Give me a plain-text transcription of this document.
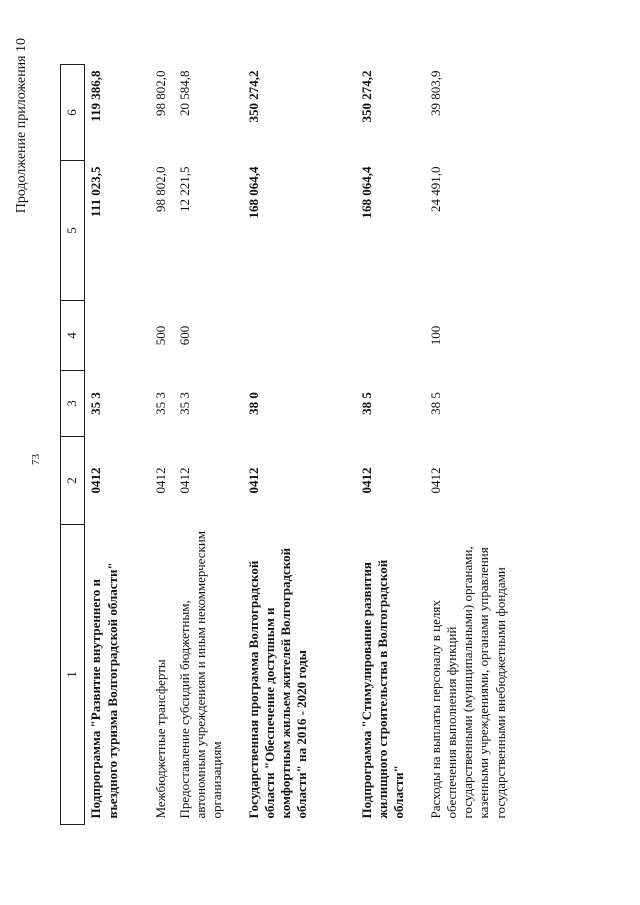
73
Продолжение приложения 10
1	2	3	4	5	6
Подпрограмма "Развитие внутреннего и въездного туризма Волгоградской области"	0412	35 3		111 023,5	119 386,8
Межбюджетные трансферты	0412	35 3	500	98 802,0	98 802,0
Предоставление субсидий бюджетным, автономным учреждениям и иным некоммерческим организациям	0412	35 3	600	12 221,5	20 584,8
Государственная программа Волгоградской области "Обеспечение доступным и комфортным жильем жителей Волгоградской области" на 2016 - 2020 годы	0412	38 0		168 064,4	350 274,2
Подпрограмма "Стимулирование развития жилищного строительства в Волгоградской области"	0412	38 5		168 064,4	350 274,2
Расходы на выплаты персоналу в целях обеспечения выполнения функций государственными (муниципальными) органами, казенными учреждениями, органами управления государственными внебюджетными фондами	0412	38 5	100	24 491,0	39 803,9
